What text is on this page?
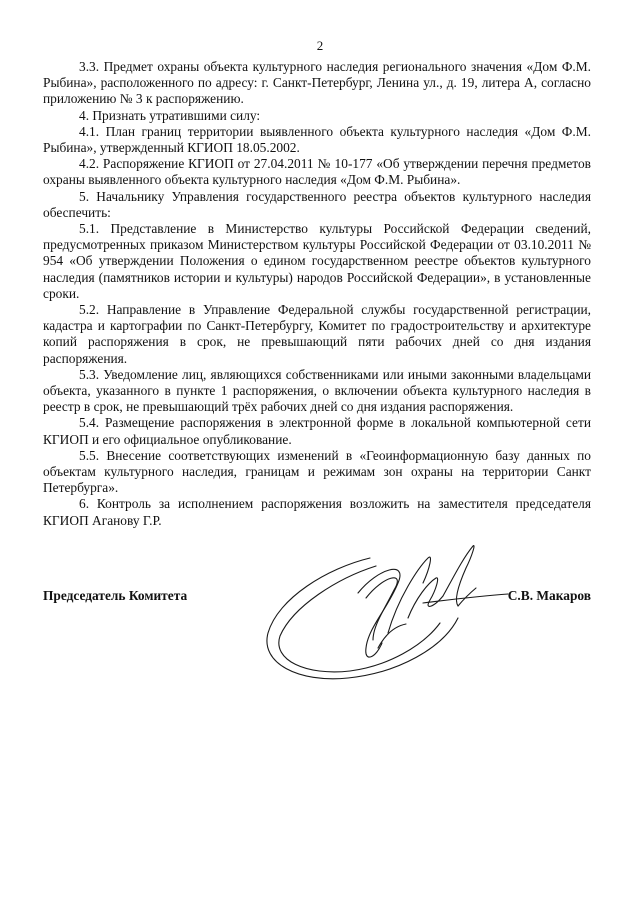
2

3.3. Предмет охраны объекта культурного наследия регионального значения «Дом Ф.М. Рыбина», расположенного по адресу: г. Санкт-Петербург, Ленина ул., д. 19, литера А, согласно приложению № 3 к распоряжению.

4. Признать утратившими силу:

4.1. План границ территории выявленного объекта культурного наследия «Дом Ф.М. Рыбина», утвержденный КГИОП 18.05.2002.

4.2. Распоряжение КГИОП от 27.04.2011 № 10-177 «Об утверждении перечня предметов охраны выявленного объекта культурного наследия «Дом Ф.М. Рыбина».

5. Начальнику Управления государственного реестра объектов культурного наследия обеспечить:

5.1. Представление в Министерство культуры Российской Федерации сведений, предусмотренных приказом Министерством культуры Российской Федерации от 03.10.2011 № 954 «Об утверждении Положения о едином государственном реестре объектов культурного наследия (памятников истории и культуры) народов Российской Федерации», в установленные сроки.

5.2. Направление в Управление Федеральной службы государственной регистрации, кадастра и картографии по Санкт-Петербургу, Комитет по градостроительству и архитектуре копий распоряжения в срок, не превышающий пяти рабочих дней со дня издания распоряжения.

5.3. Уведомление лиц, являющихся собственниками или иными законными владельцами объекта, указанного в пункте 1 распоряжения, о включении объекта культурного наследия в реестр в срок, не превышающий трёх рабочих дней со дня издания распоряжения.

5.4. Размещение распоряжения в электронной форме в локальной компьютерной сети КГИОП и его официальное опубликование.

5.5. Внесение соответствующих изменений в «Геоинформационную базу данных по объектам культурного наследия, границам и режимам зон охраны на территории Санкт Петербурга».

6. Контроль за исполнением распоряжения возложить на заместителя председателя КГИОП Аганову Г.Р.

Председатель Комитета	С.В. Макаров
